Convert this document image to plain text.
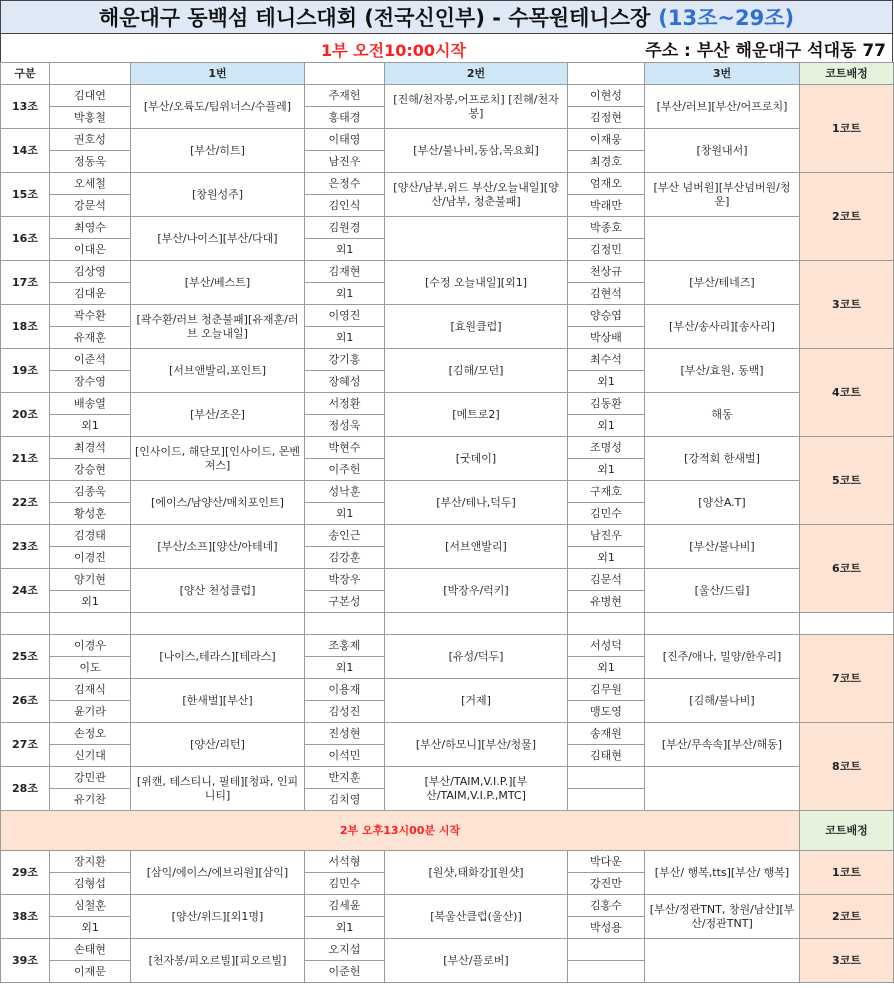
해운대구 동백섬 테니스대회 (전국신인부) - 수목원테니스장 (13조~29조)
1부 오전10:00시작	주소 : 부산 해운대구 석대동 77
구분		1번		2번		3번	코트배정
13조	김대연	[부산/오륙도/팀위너스/수플레]	주재헌	[진해/천자봉,어프로치] [진해/천자봉]	이현성	[부산/러브][부산/어프로치]	1코트
	박홍철		홍태경		김정현		
14조	권호성	[부산/히트]	이태영	[부산/불나비,동삼,목요회]	이재웅	[창원내서]	
	정동욱		남진우		최경호		
15조	오세철	[창원성주]	은정수	[양산/남부,위드 부산/오늘내일][양산/남부, 청춘불패]	엄재오	[부산 넘버원][부산넘버원/청운]	2코트
	강문석		김인식		박래만		
16조	최영수	[부산/나이스][부산/다대]	김원경		박종호		
	이대은		외1		김정민		
17조	김상영	[부산/베스트]	김재현	[수정 오늘내일][외1]	천상규	[부산/테네즈]	3코트
	김대운		외1		김현석		
18조	곽수환	[곽수환/러브 청춘불패][유재훈/러브 오늘내일]	이영진	[효원클럽]	양승엽	[부산/송사리][송사리]	
	유재훈		외1		박상배		
19조	이준석	[서브앤발리,포인트]	강기홍	[김해/모던]	최수석	[부산/효원, 동백]	4코트
	장수영		장혜성		외1		
20조	배송열	[부산/조은]	서정환	[메트로2]	김동환	해동	
	외1		정성욱		외1		
21조	최경석	[인사이드, 해단모][인사이드, 몬벤져스]	박현수	[굿데이]	조명성	[강적회 한새벌]	5코트
	강승현		이주헌		외1		
22조	김종욱	[에이스/남양산/매치포인트]	성낙훈	[부산/테나,덕두]	구재호	[양산A.T]	
	황성훈		외1		김민수		
23조	김경태	[부산/소프][양산/아테네]	송인근	[서브앤발리]	남진우	[부산/불나비]	6코트
	이경진		김강훈		외1		
24조	양기현	[양산 천성클럽]	박장우	[박장우/럭키]	김문석	[울산/드림]	
	외1		구본성		유병현		

25조	이경우	[나이스,테라스][테라스]	조홍제	[유성/덕두]	서성덕	[진주/애나, 밀양/한우리]	7코트
	이도		외1		외1		
26조	김재식	[한새벌][부산]	이용재	[거제]	김무원	[김해/불나비]	
	윤기라		김성진		맹도영		
27조	손정오	[양산/리턴]	진성현	[부산/하모니][부산/청물]	송재원	[부산/무속속][부산/해동]	8코트
	신기대		이석민		김태현		
28조	강민관	[위캔, 테스티니, 필테][청파, 인피니티]	반지훈	[부산/TAIM,V.I.P.][부산/TAIM,V.I.P.,MTC]			
	유기찬		김치영				
2부 오후13시00분 시작							코트배정
29조	장지환	[삼익/에이스/에브리원][삼익]	서석형	[원샷,태화강][원샷]	박다운	[부산/ 행복,tts][부산/ 행복]	1코트
	김형섭		김민수		강진만		
38조	심철훈	[양산/위드][외1명]	김세윤	[북울산클럽(울산)]	김홍수	[부산/정관TNT, 창원/남산][부산/정관TNT]	2코트
	외1		외1		박성용		
39조	손태현	[천자봉/피오르빌][피오르빌]	오지섭	[부산/플로버]			3코트
	이재문		이준헌				
